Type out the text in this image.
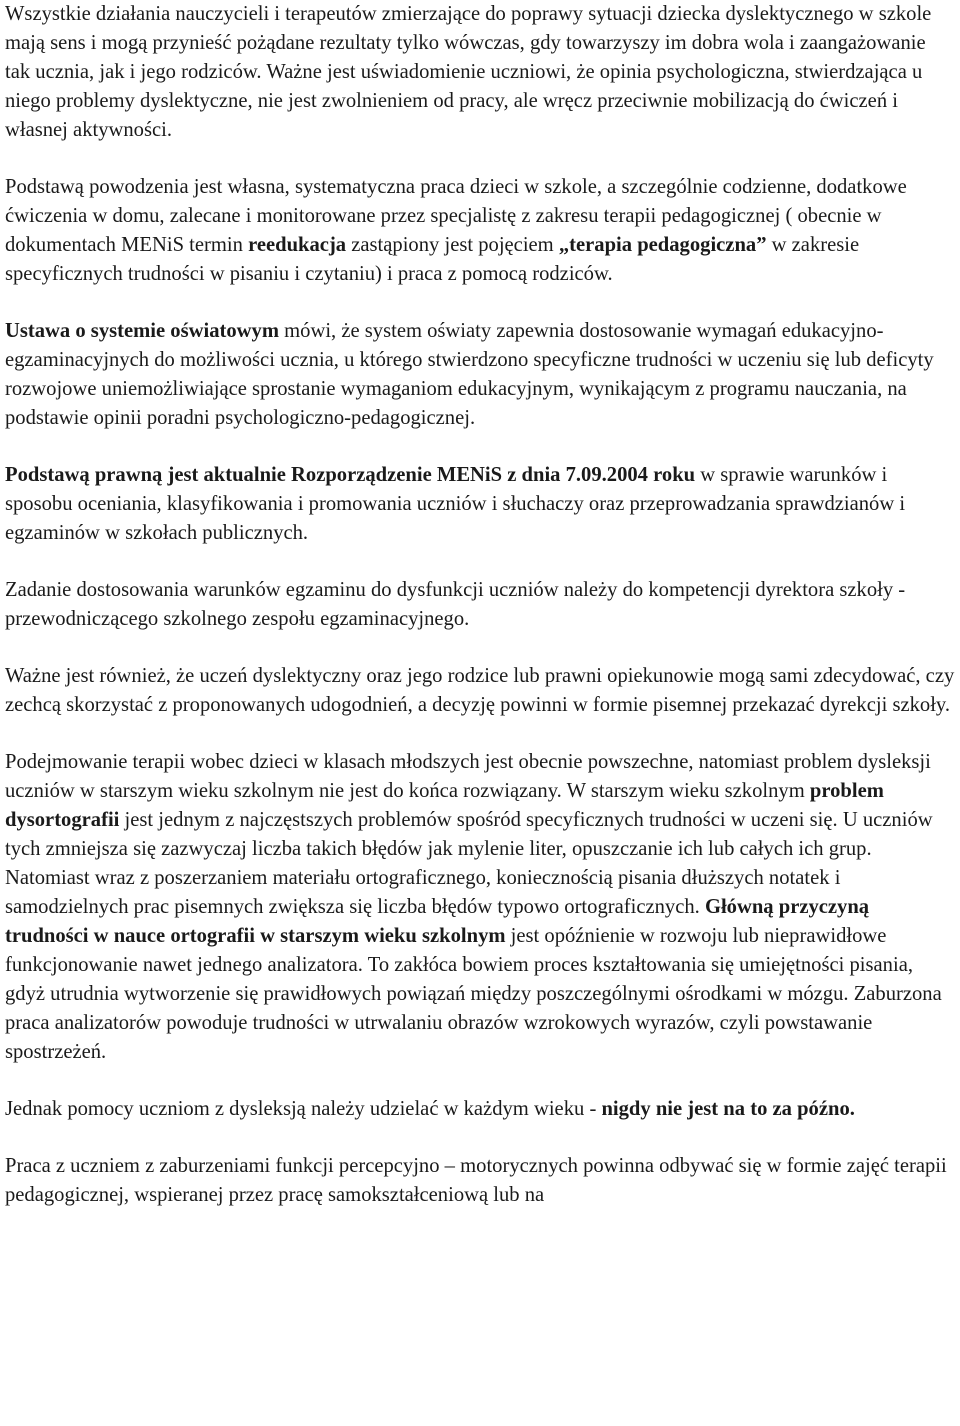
Wszystkie działania nauczycieli i terapeutów zmierzające do poprawy sytuacji dziecka dyslektycznego w szkole mają sens i mogą przynieść pożądane rezultaty tylko wówczas, gdy towarzyszy im dobra wola i zaangażowanie tak ucznia, jak i jego rodziców. Ważne jest uświadomienie uczniowi, że opinia psychologiczna, stwierdzająca u niego problemy dyslektyczne, nie jest zwolnieniem od pracy, ale wręcz przeciwnie mobilizacją do ćwiczeń i własnej aktywności.

Podstawą powodzenia jest własna, systematyczna praca dzieci w szkole, a szczególnie codzienne, dodatkowe ćwiczenia w domu, zalecane i monitorowane przez specjalistę z zakresu terapii pedagogicznej ( obecnie w dokumentach MENiS termin reedukacja zastąpiony jest pojęciem „terapia pedagogiczna” w zakresie specyficznych trudności w pisaniu i czytaniu) i praca z pomocą rodziców.

Ustawa o systemie oświatowym mówi, że system oświaty zapewnia dostosowanie wymagań edukacyjno-egzaminacyjnych do możliwości ucznia, u którego stwierdzono specyficzne trudności w uczeniu się lub deficyty rozwojowe uniemożliwiające sprostanie wymaganiom edukacyjnym, wynikającym z programu nauczania, na podstawie opinii poradni psychologiczno-pedagogicznej.

Podstawą prawną jest aktualnie Rozporządzenie MENiS z dnia 7.09.2004 roku w sprawie warunków i sposobu oceniania, klasyfikowania i promowania uczniów i słuchaczy oraz przeprowadzania sprawdzianów i egzaminów w szkołach publicznych.

Zadanie dostosowania warunków egzaminu do dysfunkcji uczniów należy do kompetencji dyrektora szkoły - przewodniczącego szkolnego zespołu egzaminacyjnego.

Ważne jest również, że uczeń dyslektyczny oraz jego rodzice lub prawni opiekunowie mogą sami zdecydować, czy zechcą skorzystać z proponowanych udogodnień, a decyzję powinni w formie pisemnej przekazać dyrekcji szkoły.

Podejmowanie terapii wobec dzieci w klasach młodszych jest obecnie powszechne, natomiast problem dysleksji uczniów w starszym wieku szkolnym nie jest do końca rozwiązany. W starszym wieku szkolnym problem dysortografii jest jednym z najczęstszych problemów spośród specyficznych trudności w uczeni się. U uczniów tych zmniejsza się zazwyczaj liczba takich błędów jak mylenie liter, opuszczanie ich lub całych ich grup. Natomiast wraz z poszerzaniem materiału ortograficznego, koniecznością pisania dłuższych notatek i samodzielnych prac pisemnych zwiększa się liczba błędów typowo ortograficznych. Główną przyczyną trudności w nauce ortografii w starszym wieku szkolnym jest opóźnienie w rozwoju lub nieprawidłowe funkcjonowanie nawet jednego analizatora. To zakłóca bowiem proces kształtowania się umiejętności pisania, gdyż utrudnia wytworzenie się prawidłowych powiązań między poszczególnymi ośrodkami w mózgu. Zaburzona praca analizatorów powoduje trudności w utrwalaniu obrazów wzrokowych wyrazów, czyli powstawanie spostrzeżeń.

Jednak pomocy uczniom z dysleksją należy udzielać w każdym wieku - nigdy nie jest na to za późno.

Praca z uczniem z zaburzeniami funkcji percepcyjno – motorycznych powinna odbywać się w formie zajęć terapii pedagogicznej, wspieranej przez pracę samokształceniową lub na
